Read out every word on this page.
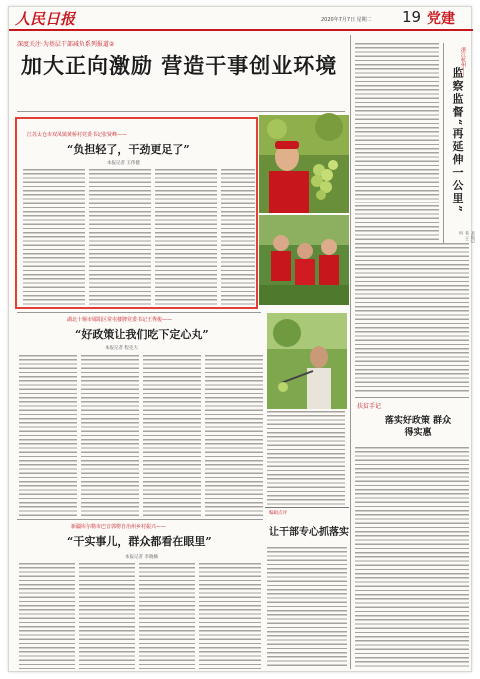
人民日报	2020年7月7日 星期二 19 党建
深度关注·为基层干部减负系列报道②
加大正向激励 营造干事创业环境
江苏太仓市双凤镇黄桥村党委书记张贤峰——
“负担轻了，干劲更足了”
本报记者 王伟健
湖北十堰市郧阳区常屯楼牌党委书记王秀俊——
“好政策让我们吃下定心丸”
本报记者 程克大
新疆库尔勒市巴音郭楞自治州乡村振兴——
“干实事儿，群众都看在眼里”
本报记者 李晓楠
编辑点评
让干部专心抓落实
浙江杭州——
监察监督“再延伸一公里”
本报记者 王珂
扶贫手记
落实好政策 群众得实惠
